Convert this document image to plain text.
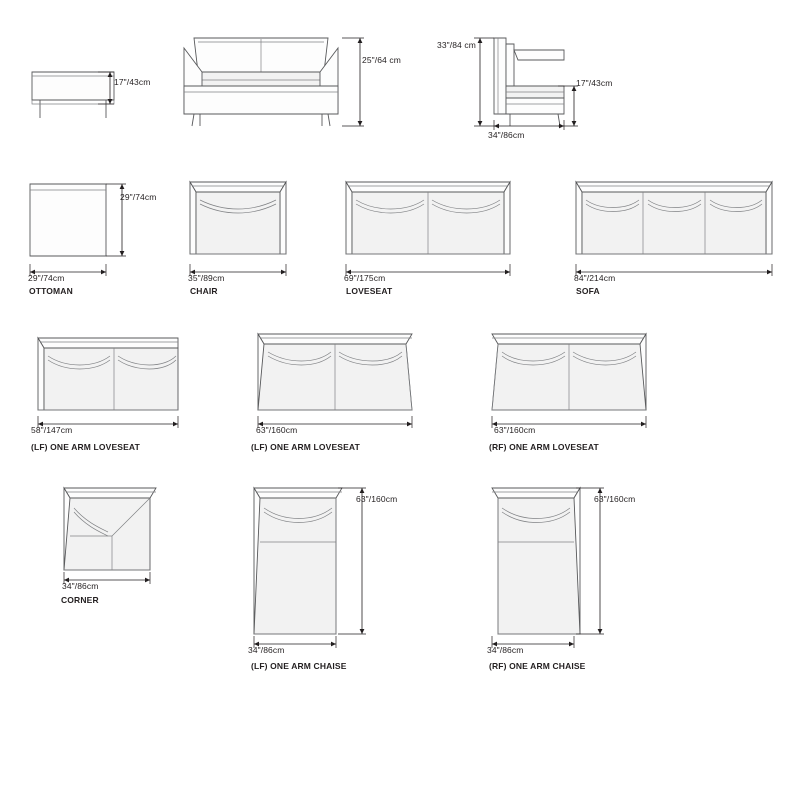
17"/43cm
25"/64 cm
33"/84 cm
17"/43cm
34"/86cm
29"/74cm
29"/74cm
OTTOMAN
35"/89cm
CHAIR
69"/175cm
LOVESEAT
84"/214cm
SOFA
58"/147cm
(LF) ONE ARM LOVESEAT
63"/160cm
(LF) ONE ARM LOVESEAT
63"/160cm
(RF) ONE ARM LOVESEAT
34"/86cm
CORNER
63"/160cm
34"/86cm
(LF) ONE ARM CHAISE
63"/160cm
34"/86cm
(RF) ONE ARM CHAISE
